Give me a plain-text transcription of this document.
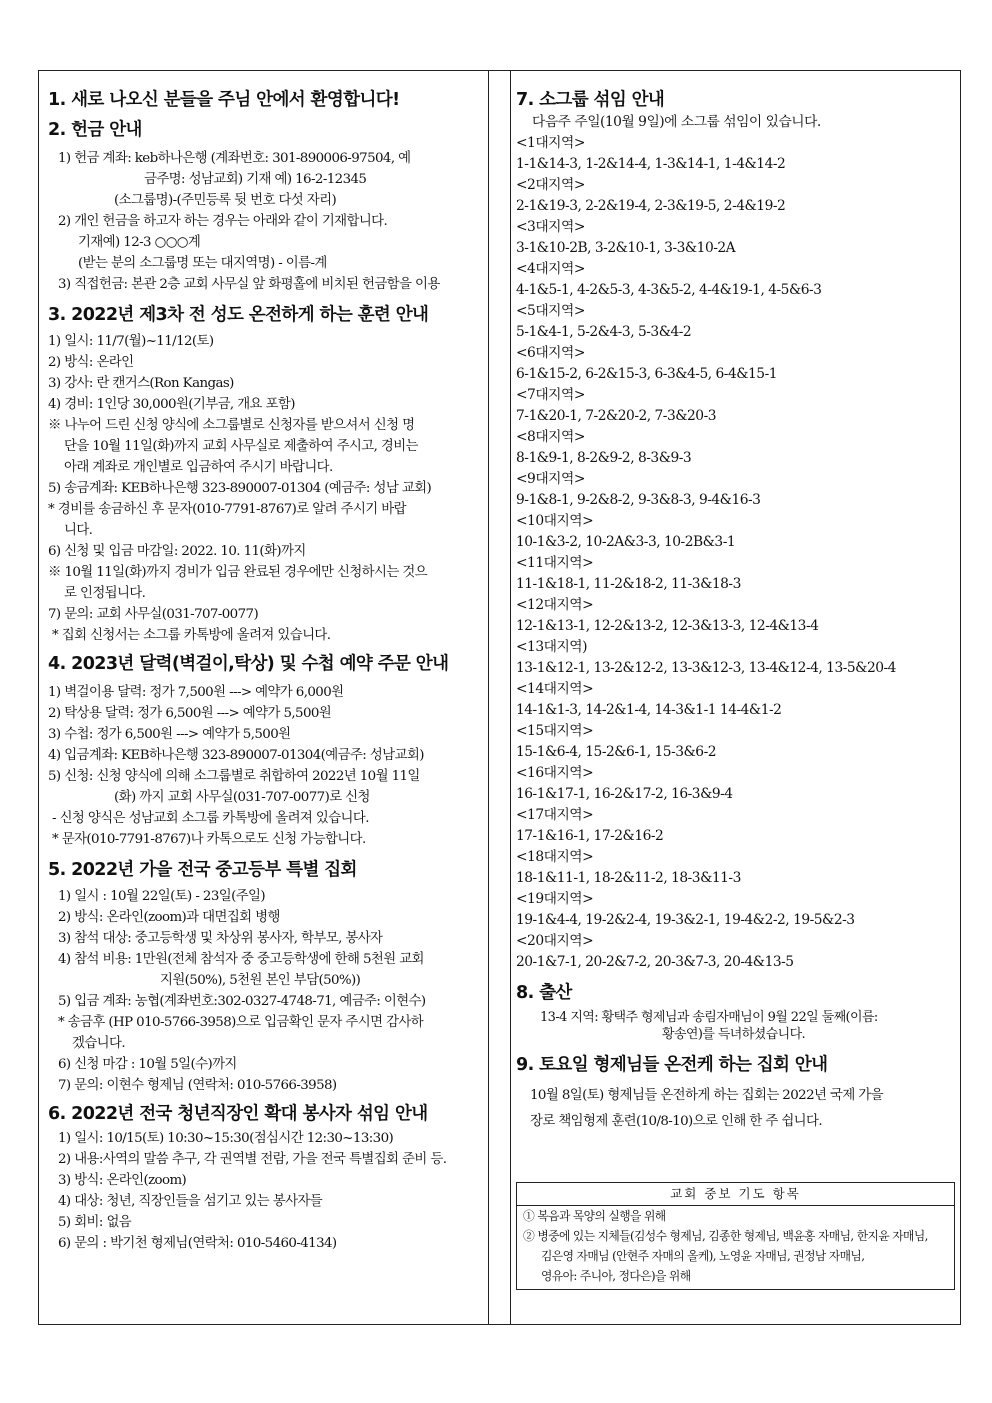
1. 새로 나오신 분들을 주님 안에서 환영합니다!
2. 헌금 안내
1) 헌금 계좌: keb하나은행 (계좌번호: 301-890006-97504, 예
금주명: 성남교회) 기재 예) 16-2-12345
(소그룹명)-(주민등록 뒷 번호 다섯 자리)
2) 개인 헌금을 하고자 하는 경우는 아래와 같이 기재합니다.
기재예) 12-3 ○○○계
(받는 분의 소그룹명 또는 대지역명) - 이름-계
3) 직접헌금: 본관 2층 교회 사무실 앞 화평홀에 비치된 헌금함을 이용
3. 2022년 제3차 전 성도 온전하게 하는 훈련 안내
1) 일시: 11/7(월)~11/12(토)
2) 방식: 온라인
3) 강사: 란 캔거스(Ron Kangas)
4) 경비: 1인당 30,000원(기부금, 개요 포함)
※ 나누어 드린 신청 양식에 소그룹별로 신청자를 받으셔서 신청 명
단을 10월 11일(화)까지 교회 사무실로 제출하여 주시고, 경비는
아래 계좌로 개인별로 입금하여 주시기 바랍니다.
5) 송금계좌: KEB하나은행 323-890007-01304 (예금주: 성남 교회)
* 경비를 송금하신 후 문자(010-7791-8767)로 알려 주시기 바랍
니다.
6) 신청 및 입금 마감일: 2022. 10. 11(화)까지
※ 10월 11일(화)까지 경비가 입금 완료된 경우에만 신청하시는 것으
로 인정됩니다.
7) 문의: 교회 사무실(031-707-0077)
* 집회 신청서는 소그룹 카톡방에 올려져 있습니다.
4. 2023년 달력(벽걸이,탁상) 및 수첩 예약 주문 안내
1) 벽걸이용 달력: 정가 7,500원 ---> 예약가 6,000원
2) 탁상용 달력: 정가 6,500원 ---> 예약가 5,500원
3) 수첩: 정가 6,500원 ---> 예약가 5,500원
4) 입금계좌: KEB하나은행 323-890007-01304(예금주: 성남교회)
5) 신청: 신청 양식에 의해 소그룹별로 취합하여 2022년 10월 11일
(화) 까지 교회 사무실(031-707-0077)로 신청
- 신청 양식은 성남교회 소그룹 카톡방에 올려져 있습니다.
* 문자(010-7791-8767)나 카톡으로도 신청 가능합니다.
5. 2022년 가을 전국 중고등부 특별 집회
1) 일시 : 10월 22일(토) - 23일(주일)
2) 방식: 온라인(zoom)과 대면집회 병행
3) 참석 대상: 중고등학생 및 차상위 봉사자, 학부모, 봉사자
4) 참석 비용: 1만원(전체 참석자 중 중고등학생에 한해 5천원 교회
지원(50%), 5천원 본인 부담(50%))
5) 입금 계좌: 농협(계좌번호:302-0327-4748-71, 예금주: 이현수)
* 송금후 (HP 010-5766-3958)으로 입금확인 문자 주시면 감사하
겠습니다.
6) 신청 마감 : 10월 5일(수)까지
7) 문의: 이현수 형제님 (연락처: 010-5766-3958)
6. 2022년 전국 청년직장인 확대 봉사자 섞임 안내
1) 일시: 10/15(토) 10:30~15:30(점심시간 12:30~13:30)
2) 내용:사역의 말씀 추구, 각 권역별 전람, 가을 전국 특별집회 준비 등.
3) 방식: 온라인(zoom)
4) 대상: 청년, 직장인들을 섬기고 있는 봉사자들
5) 회비: 없음
6) 문의 : 박기천 형제님(연락처: 010-5460-4134)
7. 소그룹 섞임 안내
다음주 주일(10월 9일)에 소그룹 섞임이 있습니다.
<1대지역>
1-1&14-3, 1-2&14-4, 1-3&14-1, 1-4&14-2
<2대지역>
2-1&19-3, 2-2&19-4, 2-3&19-5, 2-4&19-2
<3대지역>
3-1&10-2B, 3-2&10-1, 3-3&10-2A
<4대지역>
4-1&5-1, 4-2&5-3, 4-3&5-2, 4-4&19-1, 4-5&6-3
<5대지역>
5-1&4-1, 5-2&4-3, 5-3&4-2
<6대지역>
6-1&15-2, 6-2&15-3, 6-3&4-5, 6-4&15-1
<7대지역>
7-1&20-1, 7-2&20-2, 7-3&20-3
<8대지역>
8-1&9-1, 8-2&9-2, 8-3&9-3
<9대지역>
9-1&8-1, 9-2&8-2, 9-3&8-3, 9-4&16-3
<10대지역>
10-1&3-2, 10-2A&3-3, 10-2B&3-1
<11대지역>
11-1&18-1, 11-2&18-2, 11-3&18-3
<12대지역>
12-1&13-1, 12-2&13-2, 12-3&13-3, 12-4&13-4
<13대지역)
13-1&12-1, 13-2&12-2, 13-3&12-3, 13-4&12-4, 13-5&20-4
<14대지역>
14-1&1-3, 14-2&1-4, 14-3&1-1 14-4&1-2
<15대지역>
15-1&6-4, 15-2&6-1, 15-3&6-2
<16대지역>
16-1&17-1, 16-2&17-2, 16-3&9-4
<17대지역>
17-1&16-1, 17-2&16-2
<18대지역>
18-1&11-1, 18-2&11-2, 18-3&11-3
<19대지역>
19-1&4-4, 19-2&2-4, 19-3&2-1, 19-4&2-2, 19-5&2-3
<20대지역>
20-1&7-1, 20-2&7-2, 20-3&7-3, 20-4&13-5
8. 출산
13-4 지역: 황택주 형제님과 송림자매님이 9월 22일 둘째(이름:
황송연)를 득녀하셨습니다.
9. 토요일 형제님들 온전케 하는 집회 안내
10월 8일(토) 형제님들 온전하게 하는 집회는 2022년 국제 가을
장로 책임형제 훈련(10/8-10)으로 인해 한 주 쉽니다.
교회 중보 기도 항목
① 복음과 목양의 실행을 위해
② 병중에 있는 지체들(김성수 형제님, 김종한 형제님, 백윤홍 자매님, 한지윤 자매님,
김은영 자매님 (안현주 자매의 올케), 노영윤 자매님, 권정남 자매님,
영유아: 주니아, 정다은)을 위해
